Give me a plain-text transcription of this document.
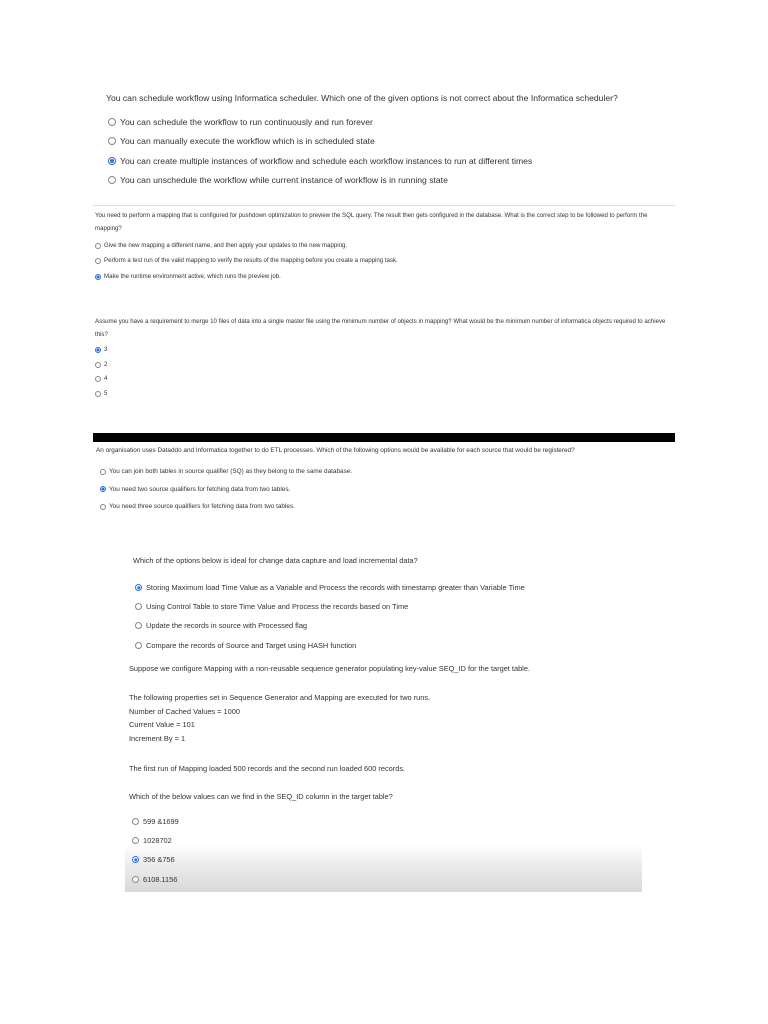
You can schedule workflow using Informatica scheduler. Which one of the given options is not correct about the Informatica scheduler?

You can schedule the workflow to run continuously and run forever
You can manually execute the workflow which is in scheduled state
You can create multiple instances of workflow and schedule each workflow instances to run at different times
You can unschedule the workflow while current instance of workflow is in running state

You need to perform a mapping that is configured for pushdown optimization to preview the SQL query. The result then gets configured in the database. What is the correct step to be followed to perform the mapping?

Give the new mapping a different name, and then apply your updates to the new mapping.
Perform a test run of the valid mapping to verify the results of the mapping before you create a mapping task.
Make the runtime environment active, which runs the preview job.

Assume you have a requirement to merge 10 files of data into a single master file using the minimum number of objects in mapping? What would be the minimum number of informatica objects required to achieve this?

3
2
4
5

An organisation uses Dataddo and Informatica together to do ETL processes. Which of the following options would be available for each source that would be registered?

You can join both tables in source qualifier (SQ) as they belong to the same database.
You need two source qualifiers for fetching data from two tables.
You need three source qualifiers for fetching data from two tables.

Which of the options below is ideal for change data capture and load incremental data?

Storing Maximum load Time Value as a Variable and Process the records with timestamp greater than Variable Time
Using Control Table to store Time Value and Process the records based on Time
Update the records in source with Processed flag
Compare the records of Source and Target using HASH function

Suppose we configure Mapping with a non-reusable sequence generator populating key-value SEQ_ID for the target table.

The following properties set in Sequence Generator and Mapping are executed for two runs.

Number of Cached Values = 1000

Current Value = 101

Increment By = 1

The first run of Mapping loaded 500 records and the second run loaded 600 records.

Which of the below values can we find in the SEQ_ID column in the target table?

599 &1699
1028702
356 &756
6108.1156
